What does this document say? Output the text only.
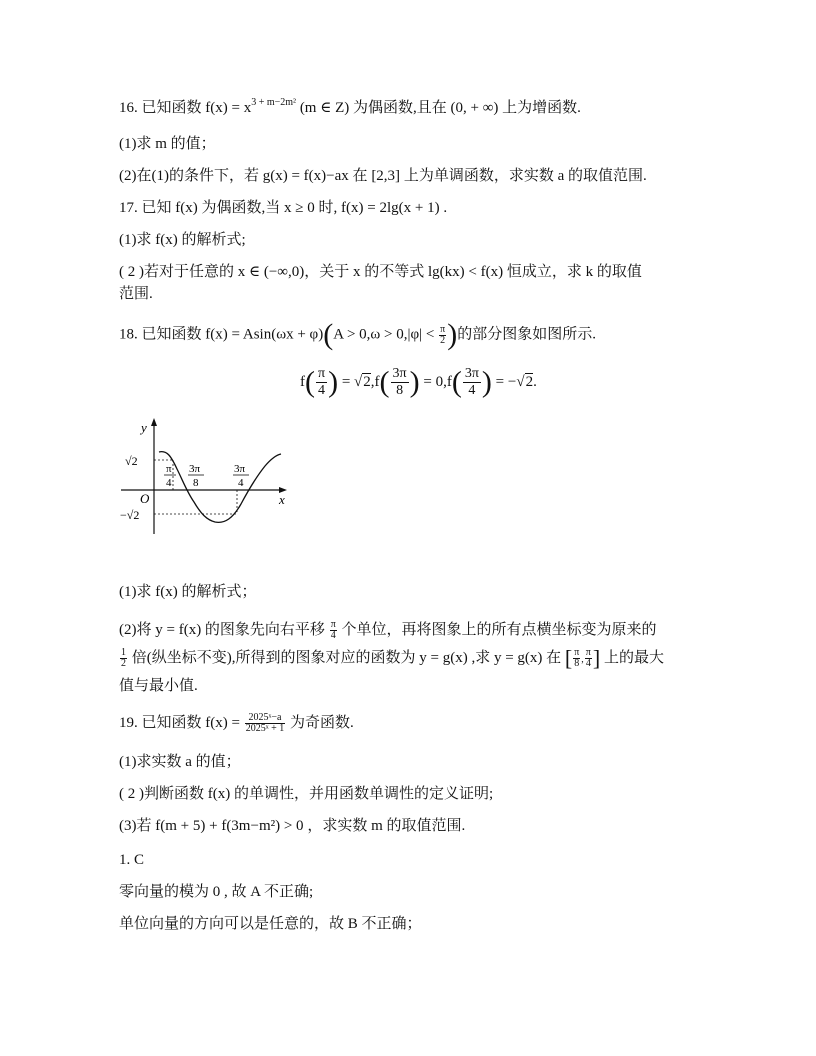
16. 已知函数 $f(x) = x^{3 + m-2m^2}$ (m ∈ Z) 为偶函数,且在 (0, + ∞) 上为增函数.
(1)求 m 的值；
(2)在(1)的条件下，若 g(x) = f(x)−ax 在 [2,3] 上为单调函数，求实数 a 的取值范围.
17. 已知 f(x) 为偶函数,当 x ≥ 0 时, f(x) = 2lg(x + 1) .
(1)求 f(x) 的解析式;
( 2 )若对于任意的 x ∈ (−∞,0)，关于 x 的不等式 lg(kx) < f(x) 恒成立，求 k 的取值
范围.
18. 已知函数 $f(x) = Asin(\omega x + \varphi)(A > 0,\omega > 0,|\varphi| < \frac{\pi}{2}$ )的部分图象如图所示.
$f( \frac{\pi}{4}$ ) = $√2,f( \frac{3\pi}{8}$ ) = $0,f( \frac{3\pi}{4}$ ) = −√2.
y
x
O
√2
−√2
π
4
3π
8
3π
4
(1)求 f(x) 的解析式；
(2)将 y = f(x) 的图象先向右平移 $\frac{\pi}{4}$ 个单位，再将图象上的所有点横坐标变为原来的
$\frac{1}{2}$ 倍(纵坐标不变),所得到的图象对应的函数为 y = g(x) ,求 y = g(x) 在 [ $\frac{\pi}{8}$ , $\frac{\pi}{4}$ ] 上的最大
值与最小值.
19. 已知函数 $f(x) = \frac{\text{2025ˣ−a}}{\text{2025ˣ + 1}}$ 为奇函数.
(1)求实数 a 的值；
( 2 )判断函数 f(x) 的单调性，并用函数单调性的定义证明;
(3)若 f(m + 5) + f(3m−m²) > 0 ，求实数 m 的取值范围.
1. C
零向量的模为 0 , 故 A 不正确;
单位向量的方向可以是任意的，故 B 不正确；
